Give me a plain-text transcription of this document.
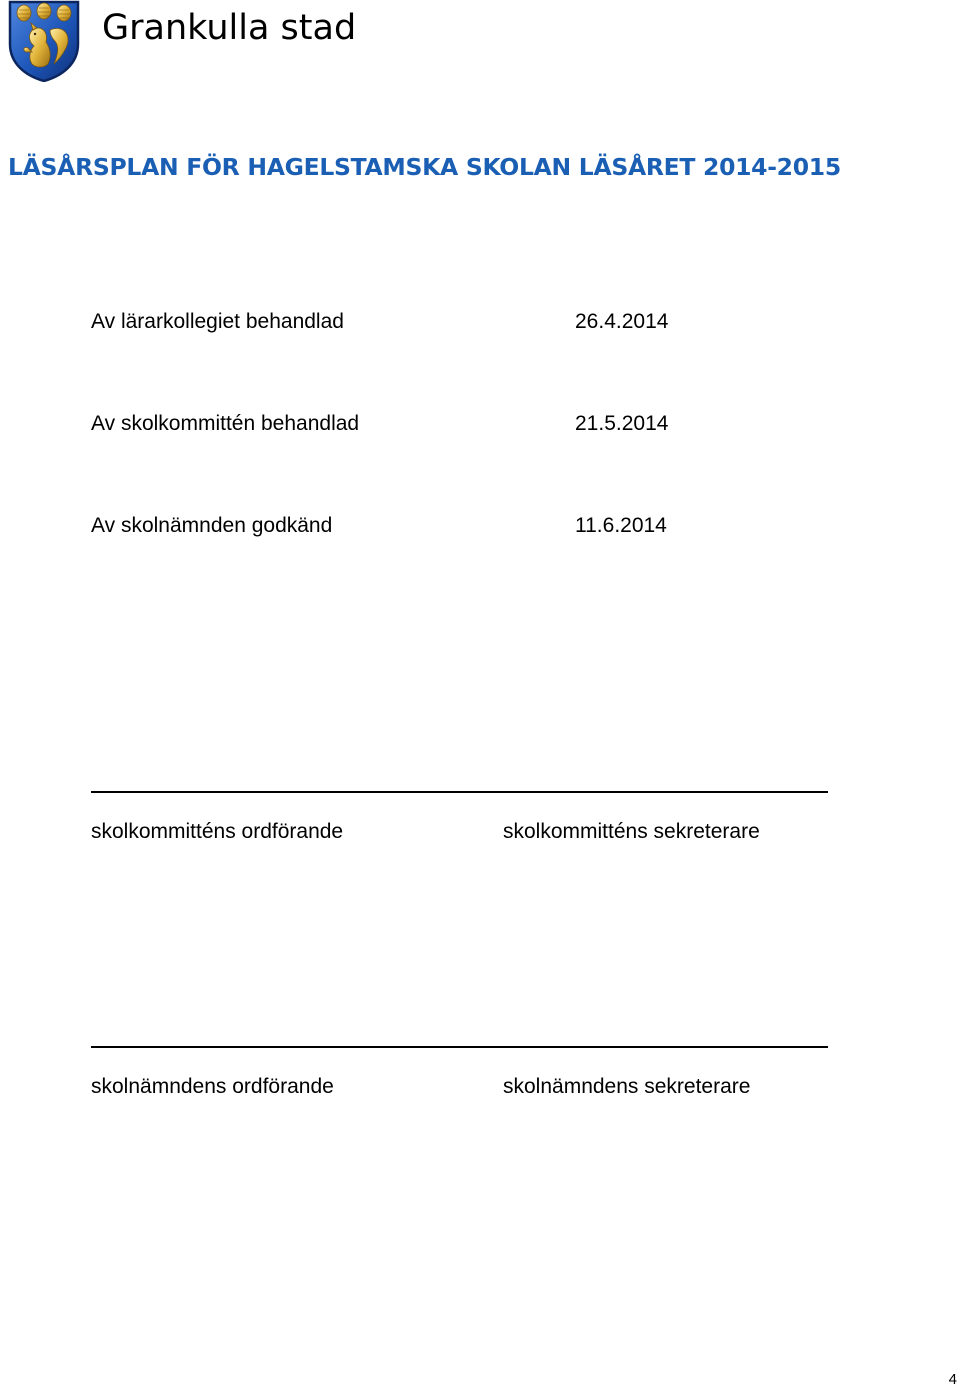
Grankulla stad
LÄSÅRSPLAN FÖR HAGELSTAMSKA SKOLAN LÄSÅRET 2014-2015
Av lärarkollegiet behandlad	26.4.2014
Av skolkommittén behandlad	21.5.2014
Av skolnämnden godkänd	11.6.2014
skolkommitténs ordförande	skolkommitténs sekreterare
skolnämndens ordförande	skolnämndens sekreterare
4
